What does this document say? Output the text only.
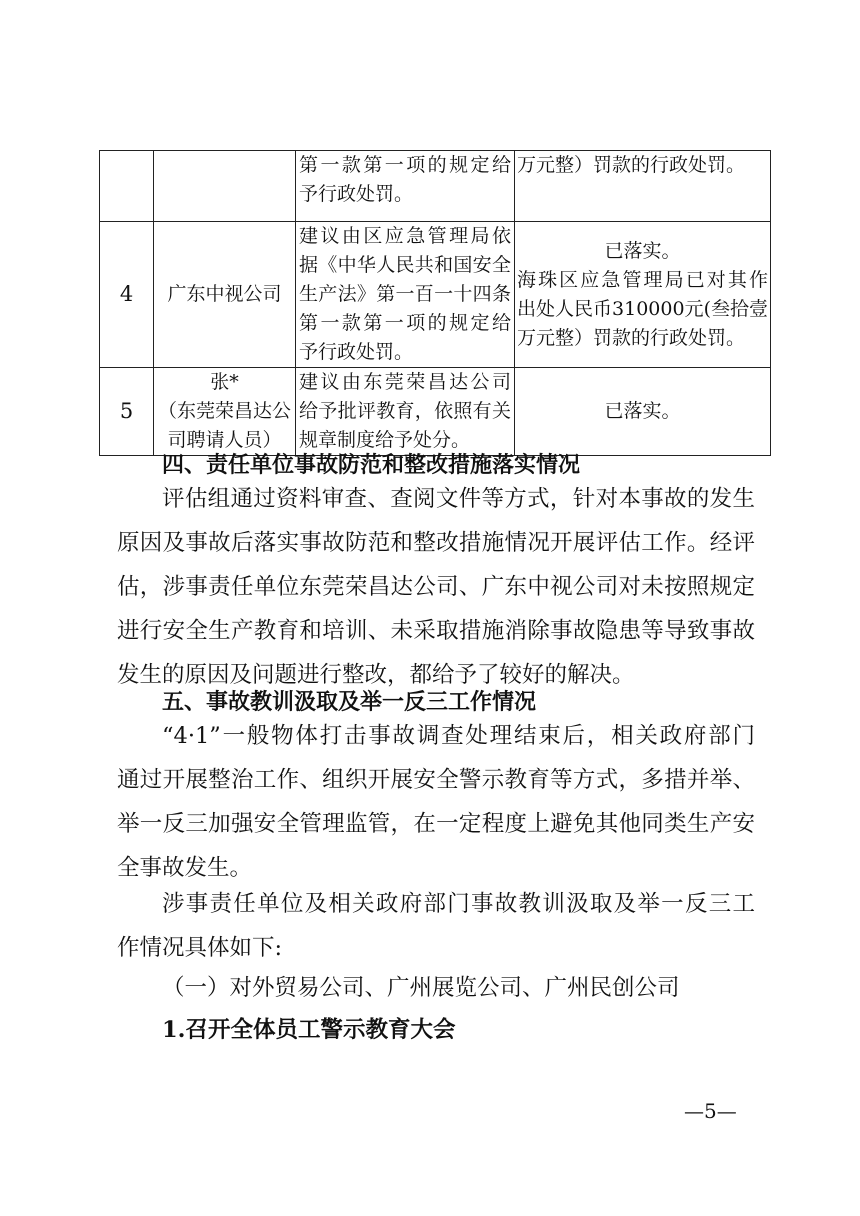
		第一款第一项的规定给
予行政处罚。	万元整）罚款的行政处罚。

4	广东中视公司	建议由区应急管理局依
据《中华人民共和国安全
生产法》第一百一十四条
第一款第一项的规定给
予行政处罚。	已落实。
海珠区应急管理局已对其作
出处人民币310000元(叁拾壹
万元整）罚款的行政处罚。

5	张*
（东莞荣昌达公
司聘请人员）	建议由东莞荣昌达公司
给予批评教育，依照有关
规章制度给予处分。	已落实。
四、责任单位事故防范和整改措施落实情况
评估组通过资料审查、查阅文件等方式，针对本事故的发生
原因及事故后落实事故防范和整改措施情况开展评估工作。经评
估，涉事责任单位东莞荣昌达公司、广东中视公司对未按照规定
进行安全生产教育和培训、未采取措施消除事故隐患等导致事故
发生的原因及问题进行整改，都给予了较好的解决。
五、事故教训汲取及举一反三工作情况
“4·1”一般物体打击事故调查处理结束后，相关政府部门
通过开展整治工作、组织开展安全警示教育等方式，多措并举、
举一反三加强安全管理监管，在一定程度上避免其他同类生产安
全事故发生。
涉事责任单位及相关政府部门事故教训汲取及举一反三工
作情况具体如下:

（一）对外贸易公司、广州展览公司、广州民创公司

1.召开全体员工警示教育大会
—5—
